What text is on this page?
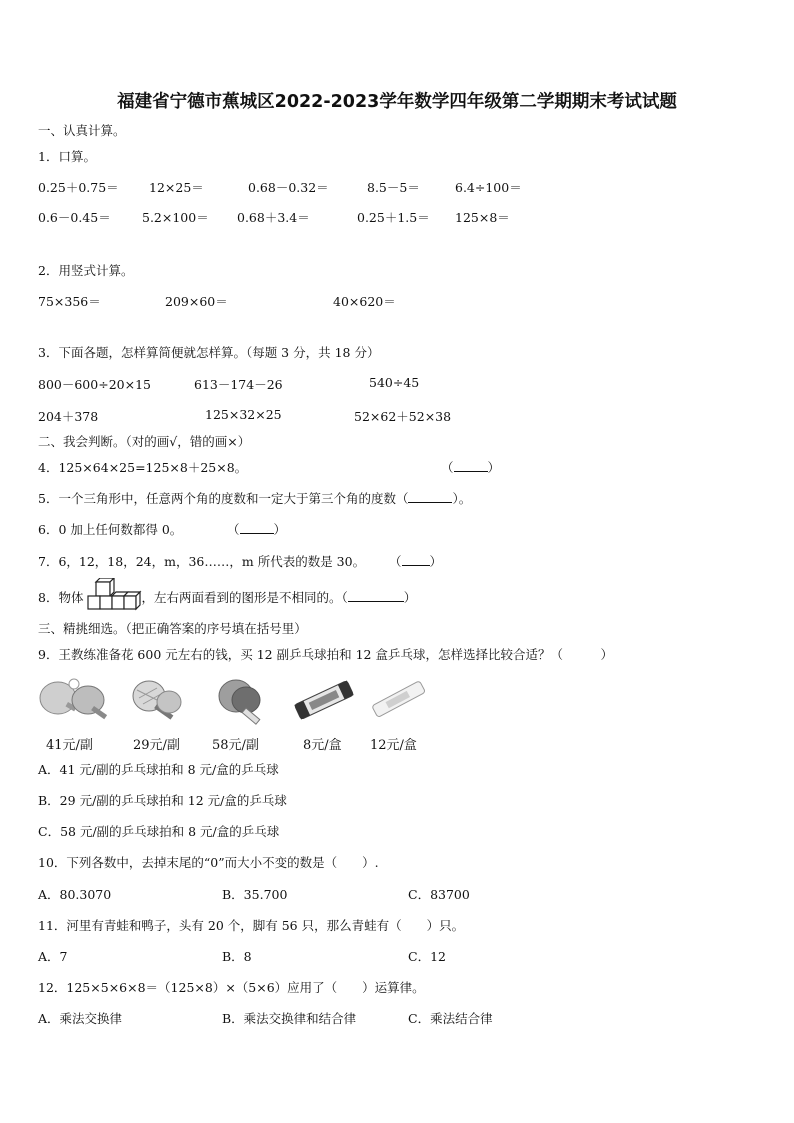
福建省宁德市蕉城区2022-2023学年数学四年级第二学期期末考试试题
一、认真计算。
1．口算。
0.25＋0.75＝ 12×25＝	0.68－0.32＝	8.5－5＝	6.4÷100＝
0.6－0.45＝	5.2×100＝ 0.68＋3.4＝	0.25＋1.5＝ 125×8＝
2．用竖式计算。
75×356＝	209×60＝	40×620＝
3．下面各题，怎样算简便就怎样算。（每题 3 分，共 18 分）
800－600÷20×15	613－174－26	540÷45
204＋378	125×32×25	52×62＋52×38
二、我会判断。（对的画√，错的画×）
4．125×64×25=125×8＋25×8。	（	）
5．一个三角形中，任意两个角的度数和一定大于第三个角的度数（	）。
6．0 加上任何数都得 0。	（	）
7．6，12，18，24，m，36……，m 所代表的数是 30。 （ ）
8．物体	，左右两面看到的图形是不相同的。（	）
三、精挑细选。（把正确答案的序号填在括号里）
9．王教练准备花 600 元左右的钱，买 12 副乒乓球拍和 12 盒乒乓球，怎样选择比较合适？（　　　）
41元/副	29元/副 58元/副	8元/盒 12元/盒
A．41 元/副的乒乓球拍和 8 元/盒的乒乓球
B．29 元/副的乒乓球拍和 12 元/盒的乒乓球
C．58 元/副的乒乓球拍和 8 元/盒的乒乓球
10．下列各数中，去掉末尾的“0”而大小不变的数是（　　）.
A．80.3070	B．35.700	C．83700
11．河里有青蛙和鸭子，头有 20 个，脚有 56 只，那么青蛙有（　　）只。
A．7	B．8	C．12
12．125×5×6×8＝（125×8）×（5×6）应用了（　　）运算律。
A．乘法交换律	B．乘法交换律和结合律	C．乘法结合律
